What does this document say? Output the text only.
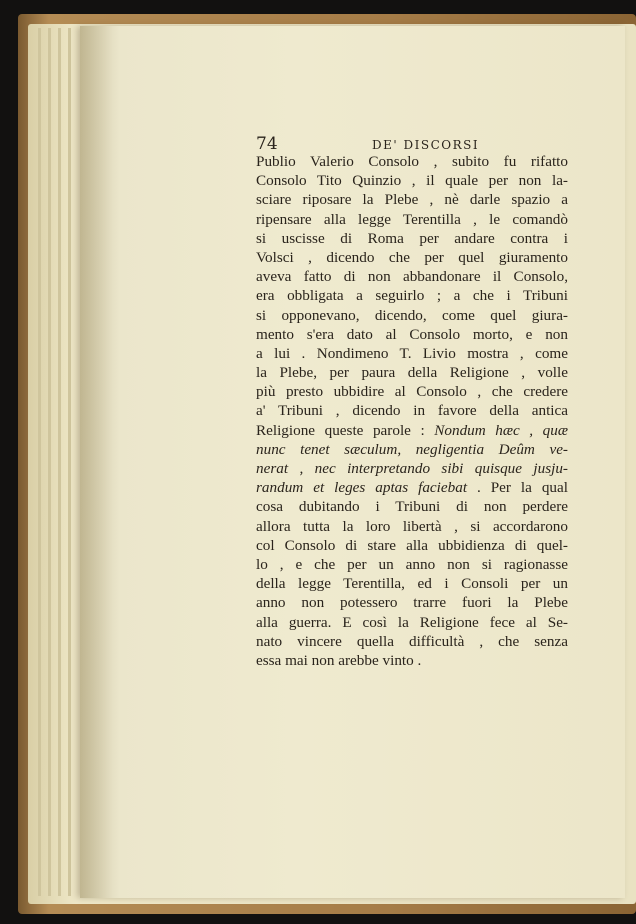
74	DE' DISCORSI
Publio Valerio Consolo , subito fu rifatto
Consolo Tito Quinzio , il quale per non la-
sciare riposare la Plebe , nè darle spazio a
ripensare alla legge Terentilla , le comandò
si uscisse di Roma per andare contra i
Volsci , dicendo che per quel giuramento
aveva fatto di non abbandonare il Consolo,
era obbligata a seguirlo ; a che i Tribuni
si opponevano, dicendo, come quel giura-
mento s'era dato al Consolo morto, e non
a lui . Nondimeno T. Livio mostra , come
la Plebe, per paura della Religione , volle
più presto ubbidire al Consolo , che credere
a' Tribuni , dicendo in favore della antica
Religione queste parole : Nondum hæc , quæ
nunc tenet sæculum, negligentia Deûm ve-
nerat , nec interpretando sibi quisque jusju-
randum et leges aptas faciebat . Per la qual
cosa dubitando i Tribuni di non perdere
allora tutta la loro libertà , si accordarono
col Consolo di stare alla ubbidienza di quel-
lo , e che per un anno non si ragionasse
della legge Terentilla, ed i Consoli per un
anno non potessero trarre fuori la Plebe
alla guerra. E così la Religione fece al Se-
nato vincere quella difficultà , che senza
essa mai non arebbe vinto .
